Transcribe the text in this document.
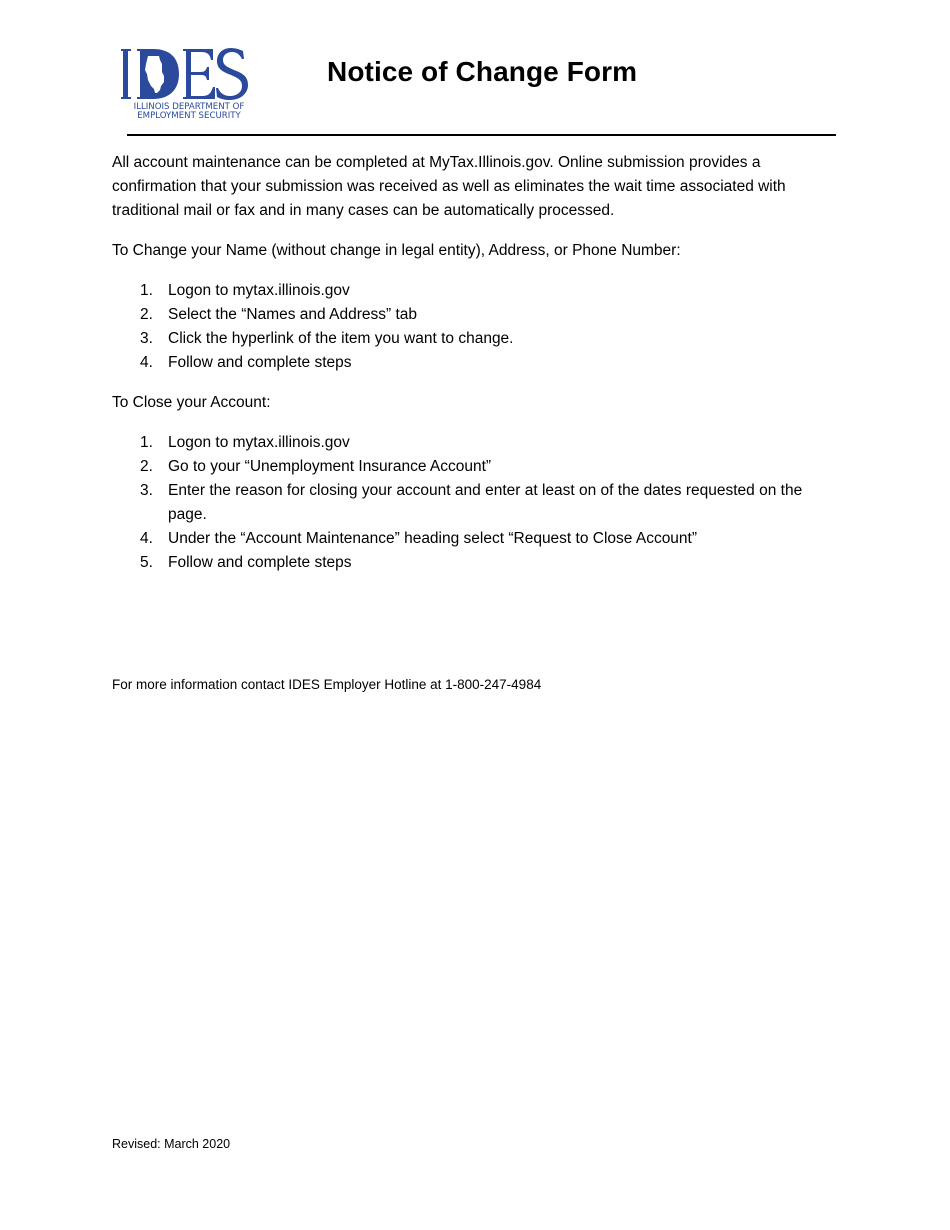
ILLINOIS DEPARTMENT OF
EMPLOYMENT SECURITY
Notice of Change Form

All account maintenance can be completed at MyTax.Illinois.gov. Online submission provides a confirmation that your submission was received as well as eliminates the wait time associated with traditional mail or fax and in many cases can be automatically processed.

To Change your Name (without change in legal entity), Address, or Phone Number:

1. Logon to mytax.illinois.gov
2. Select the “Names and Address” tab
3. Click the hyperlink of the item you want to change.
4. Follow and complete steps

To Close your Account:

1. Logon to mytax.illinois.gov
2. Go to your “Unemployment Insurance Account”
3. Enter the reason for closing your account and enter at least on of the dates requested on the page.
4. Under the “Account Maintenance” heading select “Request to Close Account”
5. Follow and complete steps
For more information contact IDES Employer Hotline at 1-800-247-4984
Revised: March 2020
